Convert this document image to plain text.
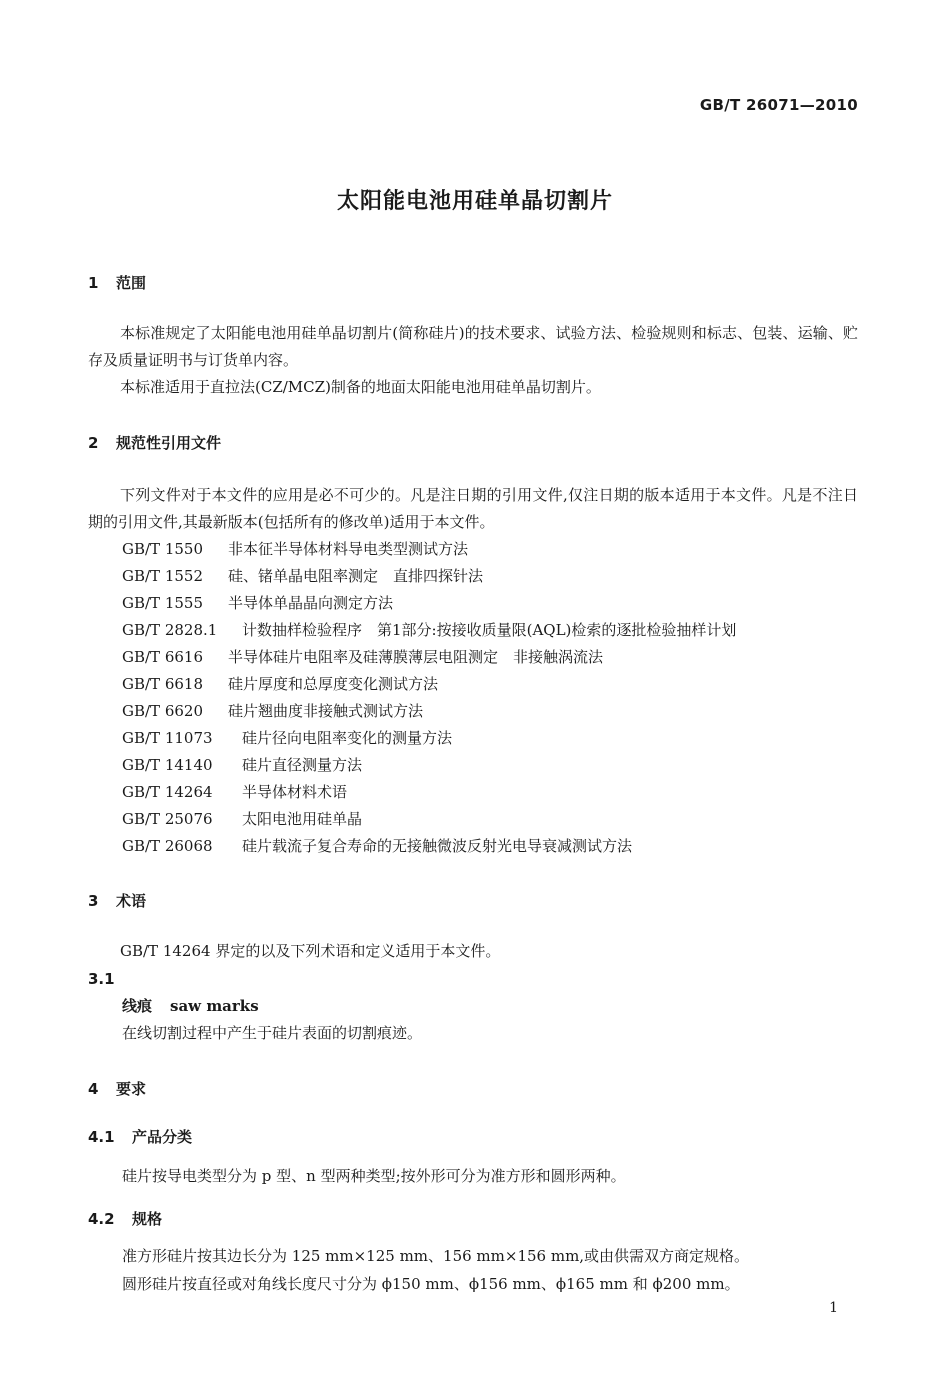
GB/T 26071—2010
太阳能电池用硅单晶切割片
1 范围

本标准规定了太阳能电池用硅单晶切割片(简称硅片)的技术要求、试验方法、检验规则和标志、包装、运输、贮存及质量证明书与订货单内容。

本标准适用于直拉法(CZ/MCZ)制备的地面太阳能电池用硅单晶切割片。

2 规范性引用文件

下列文件对于本文件的应用是必不可少的。凡是注日期的引用文件,仅注日期的版本适用于本文件。凡是不注日期的引用文件,其最新版本(包括所有的修改单)适用于本文件。

GB/T 1550 非本征半导体材料导电类型测试方法
GB/T 1552 硅、锗单晶电阻率测定　直排四探针法
GB/T 1555 半导体单晶晶向测定方法
GB/T 2828.1 计数抽样检验程序　第1部分:按接收质量限(AQL)检索的逐批检验抽样计划
GB/T 6616 半导体硅片电阻率及硅薄膜薄层电阻测定　非接触涡流法
GB/T 6618 硅片厚度和总厚度变化测试方法
GB/T 6620 硅片翘曲度非接触式测试方法
GB/T 11073 硅片径向电阻率变化的测量方法
GB/T 14140 硅片直径测量方法
GB/T 14264 半导体材料术语
GB/T 25076 太阳电池用硅单晶
GB/T 26068 硅片载流子复合寿命的无接触微波反射光电导衰减测试方法
3 术语

GB/T 14264 界定的以及下列术语和定义适用于本文件。

3.1
线痕 saw marks
在线切割过程中产生于硅片表面的切割痕迹。
4 要求
4.1 产品分类
硅片按导电类型分为 p 型、n 型两种类型;按外形可分为准方形和圆形两种。
4.2 规格
准方形硅片按其边长分为 125 mm×125 mm、156 mm×156 mm,或由供需双方商定规格。
圆形硅片按直径或对角线长度尺寸分为 ϕ150 mm、ϕ156 mm、ϕ165 mm 和 ϕ200 mm。
1
